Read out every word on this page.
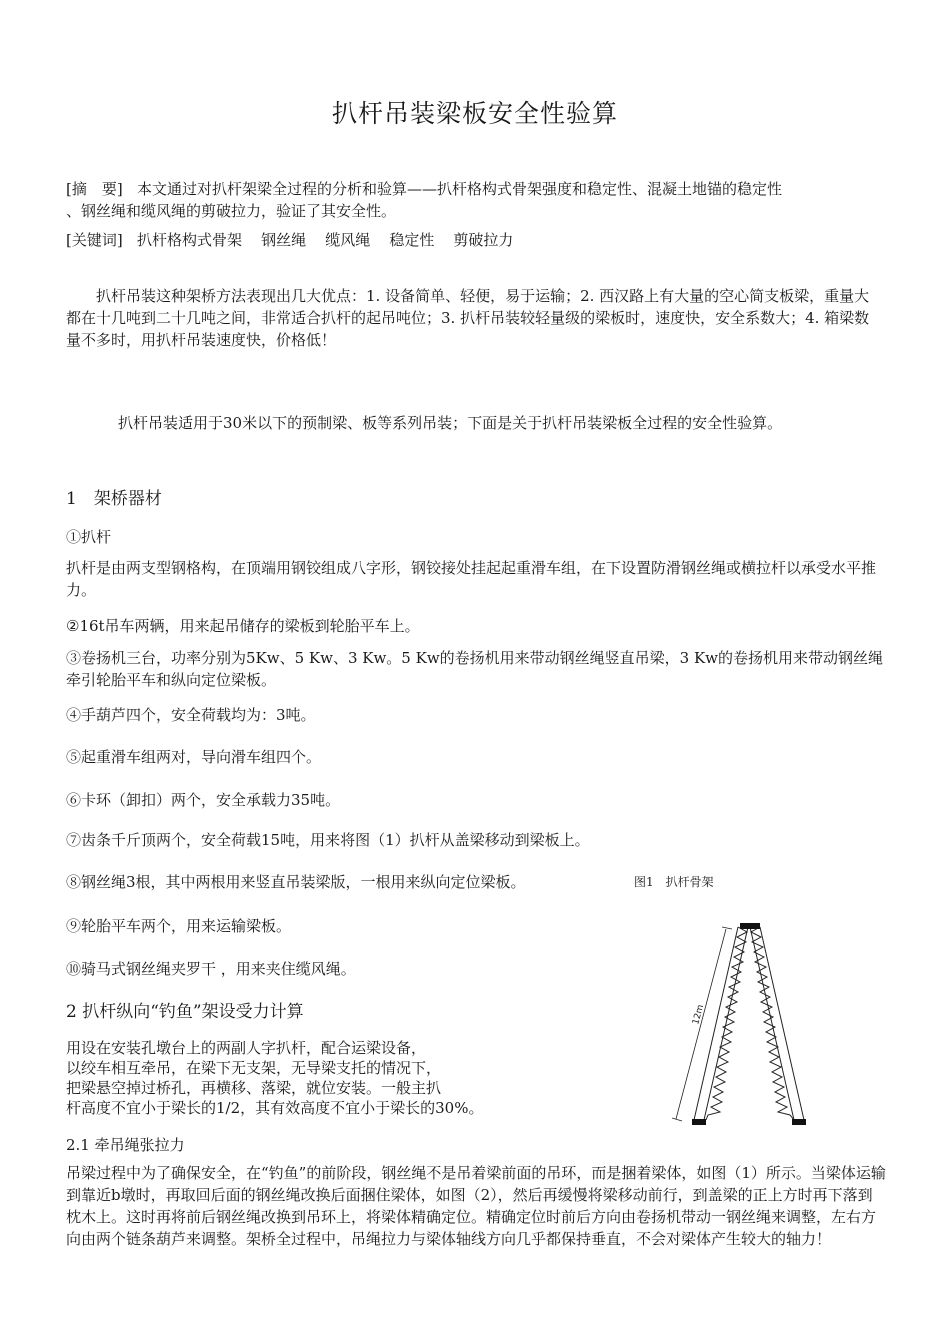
扒杆吊装梁板安全性验算
[摘　要] 本文通过对扒杆架梁全过程的分析和验算——扒杆格构式骨架强度和稳定性、混凝土地锚的稳定性
、钢丝绳和缆风绳的剪破拉力，验证了其安全性。
[关键词] 扒杆格构式骨架 钢丝绳 缆风绳 稳定性 剪破拉力
扒杆吊装这种架桥方法表现出几大优点：1. 设备简单、轻便，易于运输；2. 西汉路上有大量的空心简支板梁，重量大都在十几吨到二十几吨之间，非常适合扒杆的起吊吨位；3. 扒杆吊装较轻量级的梁板时，速度快，安全系数大；4. 箱梁数量不多时，用扒杆吊装速度快，价格低！
扒杆吊装适用于30米以下的预制梁、板等系列吊装；下面是关于扒杆吊装梁板全过程的安全性验算。
1　架桥器材
①扒杆
扒杆是由两支型钢格构，在顶端用钢铰组成八字形，钢铰接处挂起起重滑车组，在下设置防滑钢丝绳或横拉杆以承受水平推力。
②16t吊车两辆，用来起吊储存的梁板到轮胎平车上。
③卷扬机三台，功率分别为5Kw、5 Kw、3 Kw。5 Kw的卷扬机用来带动钢丝绳竖直吊梁，3 Kw的卷扬机用来带动钢丝绳牵引轮胎平车和纵向定位梁板。
④手葫芦四个，安全荷载均为：3吨。
⑤起重滑车组两对，导向滑车组四个。
⑥卡环（卸扣）两个，安全承载力35吨。
⑦齿条千斤顶两个，安全荷载15吨，用来将图（1）扒杆从盖梁移动到梁板上。
⑧钢丝绳3根，其中两根用来竖直吊装梁版，一根用来纵向定位梁板。	图1　扒杆骨架
⑨轮胎平车两个，用来运输梁板。
⑩骑马式钢丝绳夹罗干 ，用来夹住缆风绳。
2 扒杆纵向“钓鱼”架设受力计算
用设在安装孔墩台上的两副人字扒杆，配合运梁设备，
以绞车相互牵吊，在梁下无支架，无导梁支托的情况下，
把梁悬空掉过桥孔，再横移、落梁，就位安装。一般主扒
杆高度不宜小于梁长的1/2，其有效高度不宜小于梁长的30%。
2.1 牵吊绳张拉力
吊梁过程中为了确保安全，在“钓鱼”的前阶段，钢丝绳不是吊着梁前面的吊环，而是捆着梁体，如图（1）所示。当梁体运输到靠近b墩时，再取回后面的钢丝绳改换后面捆住梁体，如图（2），然后再缓慢将梁移动前行，到盖梁的正上方时再下落到枕木上。这时再将前后钢丝绳改换到吊环上，将梁体精确定位。精确定位时前后方向由卷扬机带动一钢丝绳来调整，左右方向由两个链条葫芦来调整。架桥全过程中，吊绳拉力与梁体轴线方向几乎都保持垂直，不会对梁体产生较大的轴力！
12m
